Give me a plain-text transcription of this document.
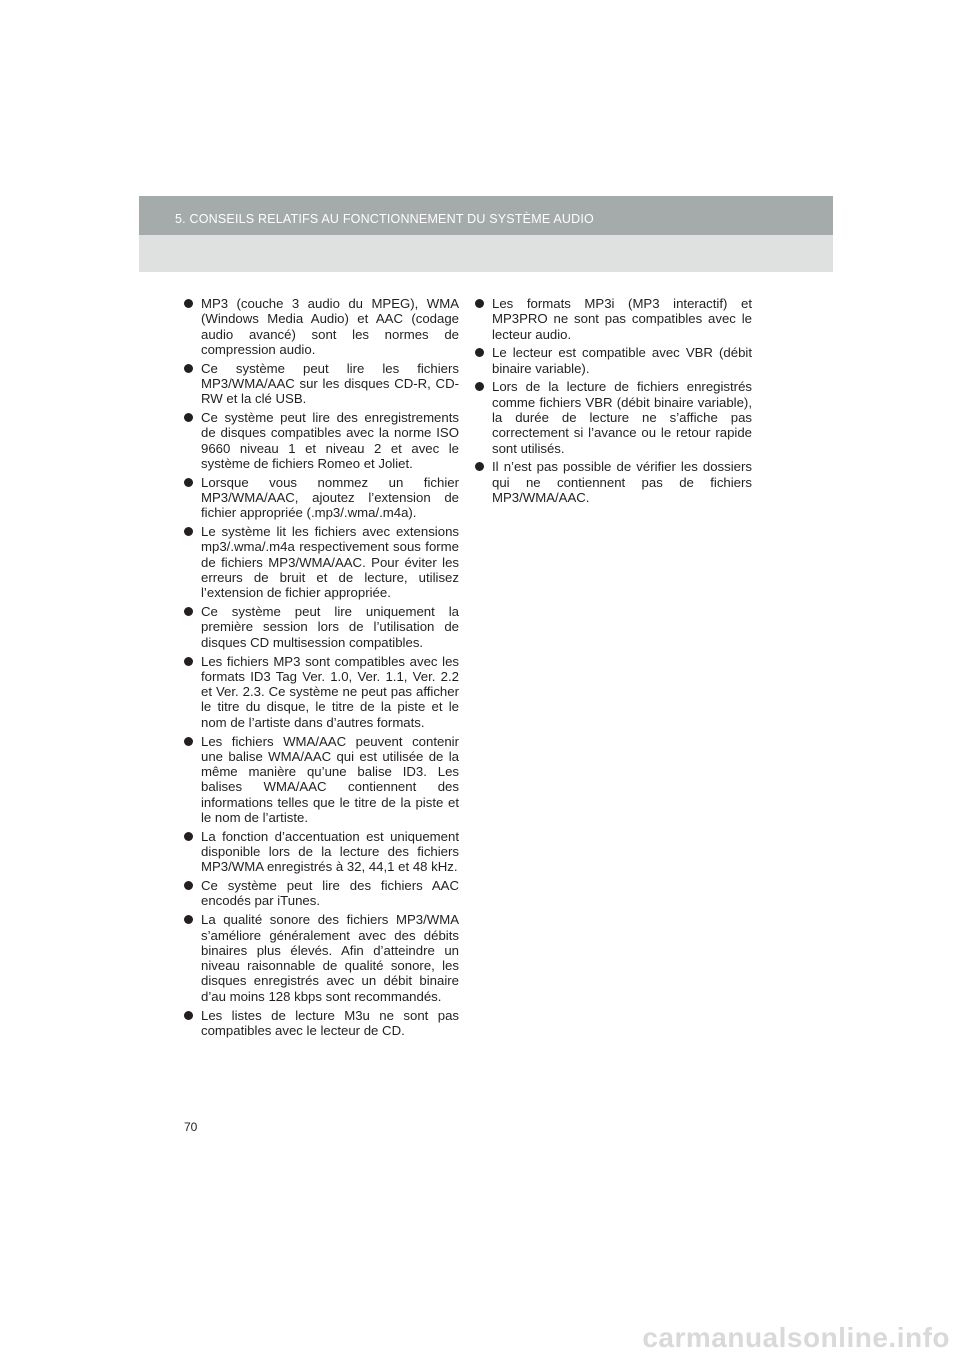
5. CONSEILS RELATIFS AU FONCTIONNEMENT DU SYSTÈME AUDIO
MP3 (couche 3 audio du MPEG), WMA (Windows Media Audio) et AAC (codage audio avancé) sont les normes de compression audio.
Ce système peut lire les fichiers MP3/WMA/AAC sur les disques CD-R, CD-RW et la clé USB.
Ce système peut lire des enregistrements de disques compatibles avec la norme ISO 9660 niveau 1 et niveau 2 et avec le système de fichiers Romeo et Joliet.
Lorsque vous nommez un fichier MP3/WMA/AAC, ajoutez l’extension de fichier appropriée (.mp3/.wma/.m4a).
Le système lit les fichiers avec extensions mp3/.wma/.m4a respectivement sous forme de fichiers MP3/WMA/AAC. Pour éviter les erreurs de bruit et de lecture, utilisez l’extension de fichier appropriée.
Ce système peut lire uniquement la première session lors de l’utilisation de disques CD multisession compatibles.
Les fichiers MP3 sont compatibles avec les formats ID3 Tag Ver. 1.0, Ver. 1.1, Ver. 2.2 et Ver. 2.3. Ce système ne peut pas afficher le titre du disque, le titre de la piste et le nom de l’artiste dans d’autres formats.
Les fichiers WMA/AAC peuvent contenir une balise WMA/AAC qui est utilisée de la même manière qu’une balise ID3. Les balises WMA/AAC contiennent des informations telles que le titre de la piste et le nom de l’artiste.
La fonction d’accentuation est uniquement disponible lors de la lecture des fichiers MP3/WMA enregistrés à 32, 44,1 et 48 kHz.
Ce système peut lire des fichiers AAC encodés par iTunes.
La qualité sonore des fichiers MP3/WMA s’améliore généralement avec des débits binaires plus élevés. Afin d’atteindre un niveau raisonnable de qualité sonore, les disques enregistrés avec un débit binaire d’au moins 128 kbps sont recommandés.
Les listes de lecture M3u ne sont pas compatibles avec le lecteur de CD.
Les formats MP3i (MP3 interactif) et MP3PRO ne sont pas compatibles avec le lecteur audio.
Le lecteur est compatible avec VBR (débit binaire variable).
Lors de la lecture de fichiers enregistrés comme fichiers VBR (débit binaire variable), la durée de lecture ne s’affiche pas correctement si l’avance ou le retour rapide sont utilisés.
Il n’est pas possible de vérifier les dossiers qui ne contiennent pas de fichiers MP3/WMA/AAC.
70
carmanualsonline.info
